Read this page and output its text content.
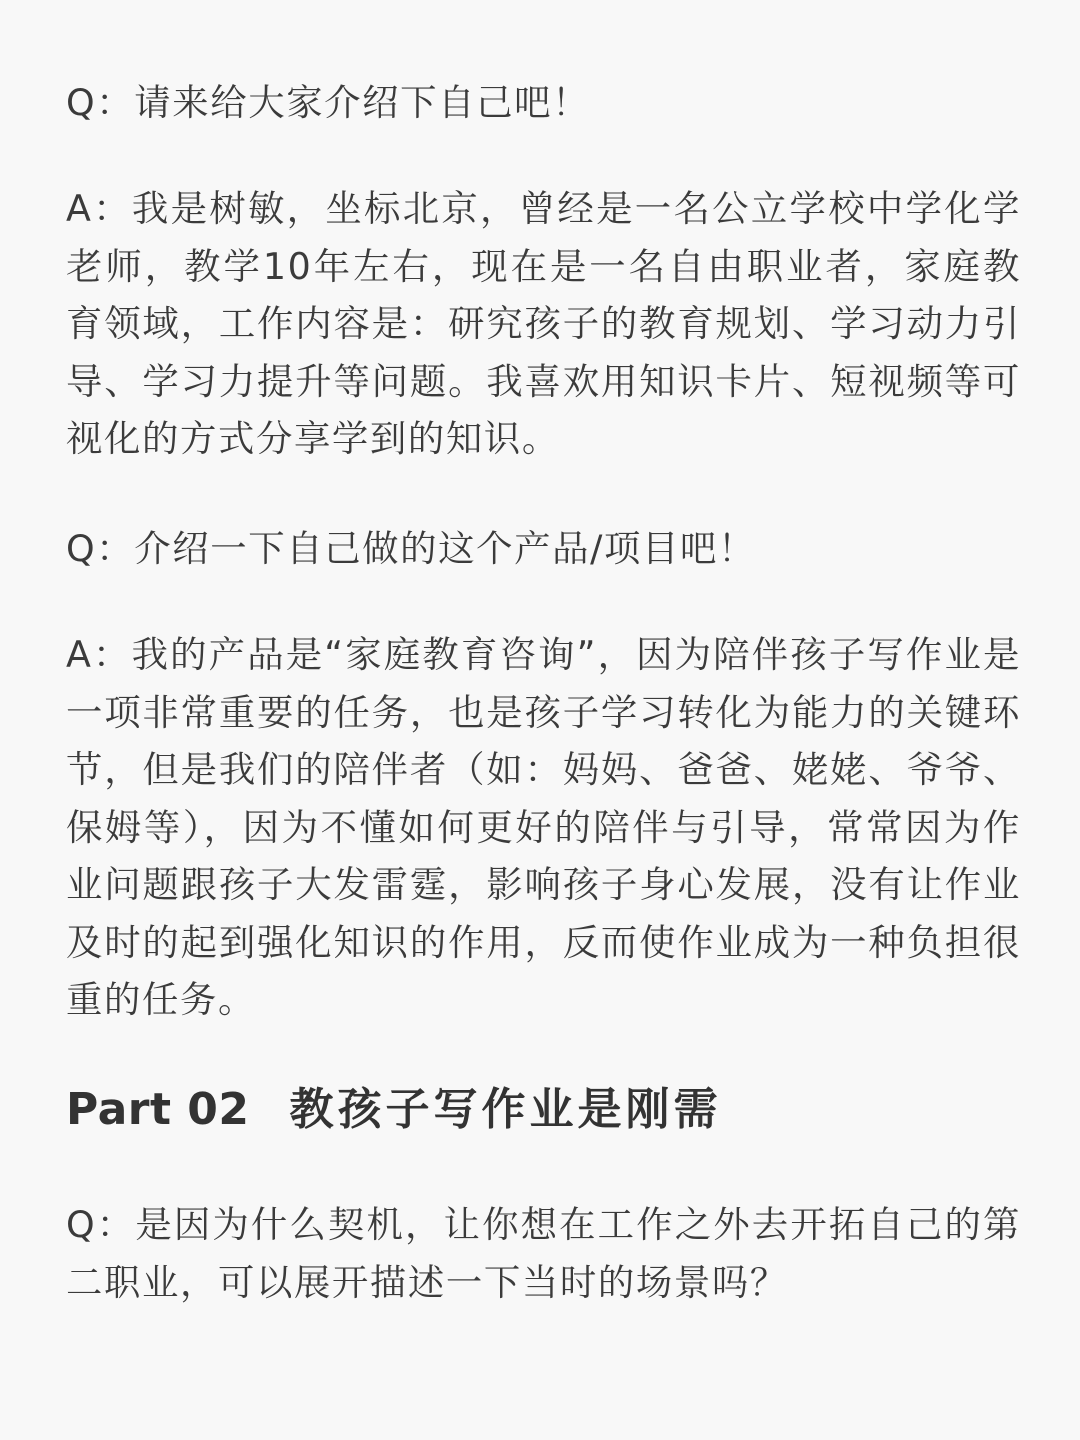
Q：请来给大家介绍下自己吧！

A：我是树敏，坐标北京，曾经是一名公立学校中学化学老师，教学10年左右，现在是一名自由职业者，家庭教育领域，工作内容是：研究孩子的教育规划、学习动力引导、学习力提升等问题。我喜欢用知识卡片、短视频等可视化的方式分享学到的知识。

Q：介绍一下自己做的这个产品/项目吧！

A：我的产品是“家庭教育咨询”，因为陪伴孩子写作业是一项非常重要的任务，也是孩子学习转化为能力的关键环节，但是我们的陪伴者（如：妈妈、爸爸、姥姥、爷爷、保姆等），因为不懂如何更好的陪伴与引导，常常因为作业问题跟孩子大发雷霆，影响孩子身心发展，没有让作业及时的起到强化知识的作用，反而使作业成为一种负担很重的任务。

Part 02 教孩子写作业是刚需

Q：是因为什么契机，让你想在工作之外去开拓自己的第二职业，可以展开描述一下当时的场景吗？
